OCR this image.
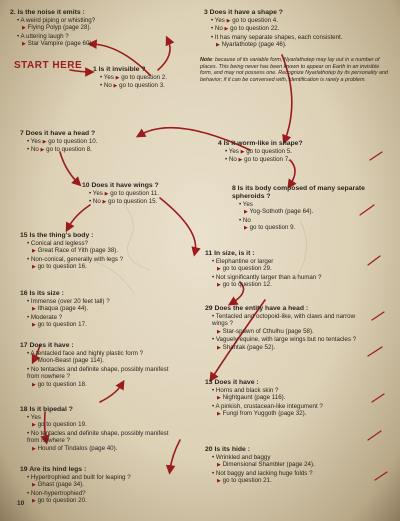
START HERE
2. Is the noise it emits :
• A weird piping or whistling?
▶ Flying Polyp (page 28).
• A uttering laugh ?
▶ Star Vampire (page 60).
3 Does it have a shape ?
• Yes ▶ go to question 4.
• No ▶ go to question 22.
• It has many separate shapes, each consistent.
▶ Nyarlathotep (page 46).
1 Is it invisible ?
• Yes ▶ go to question 2.
• No ▶ go to question 3.
Note: because of its variable form, Nyarlathotep may lay out in a number of places. This being never has been known to appear on Earth in an invisible form, and may not possess one. Recognize Nyarlathotep by its personality and behavior; if it can be conversed with, identification is rarely a problem.
7 Does it have a head ?
• Yes ▶ go to question 10.
• No ▶ go to question 8.
4 Is it worm-like in shape?
• Yes ▶ go to question 5.
• No ▶ go to question 7.
10 Does it have wings ?
• Yes ▶ go to question 11.
• No ▶ go to question 15.
8 Is its body composed of many separate spheroids ?
• Yes
▶ Yog-Sothoth (page 64).
• No
▶ go to question 9.
15 Is the thing's body :
• Conical and legless?
▶ Great Race of Yith (page 38).
• Non-conical, generally with legs ?
▶ go to question 16.
11 In size, is it :
• Elephantine or larger
▶ go to question 29.
• Not significantly larger than a human ?
▶ go to question 12.
16 Is its size :
• Immense (over 20 feet tall) ?
▶ Ithaqua (page 44).
• Moderate ?
▶ go to question 17.
29 Does the entity have a head :
• Tentacled and octopoid-like, with claws and narrow wings ?
▶ Star-spawn of Cthulhu (page 58).
• Vaguely equine, with large wings but no tentacles ?
▶ Shantak (page 52).
17 Does it have :
• A tentacled face and highly plastic form ?
▶ Moon-Beast (page 114).
• No tentacles and definite shape, possibly manifest from nowhere ?
▶ go to question 18.	13 Does it have :
• Horns and black skin ?
▶ Nightgaunt (page 116).
• A pinkish, crustacean-like integument ?
▶ Fungi from Yuggoth (page 32).
18 Is it bipedal ?
• Yes
▶ go to question 19.
• No tentacles and definite shape, possibly manifest from nowhere ?
▶ Hound of Tindalos (page 40).	20 Is its hide :
• Wrinkled and baggy
▶ Dimensional Shambler (page 24).
• Not baggy and lacking huge folds ?
▶ go to question 21.
19 Are its hind legs :
• Hypertrophied and built for leaping ?
▶ Ghast (page 34).
• Non-hypertrophied?
▶ go to question 20.
10
